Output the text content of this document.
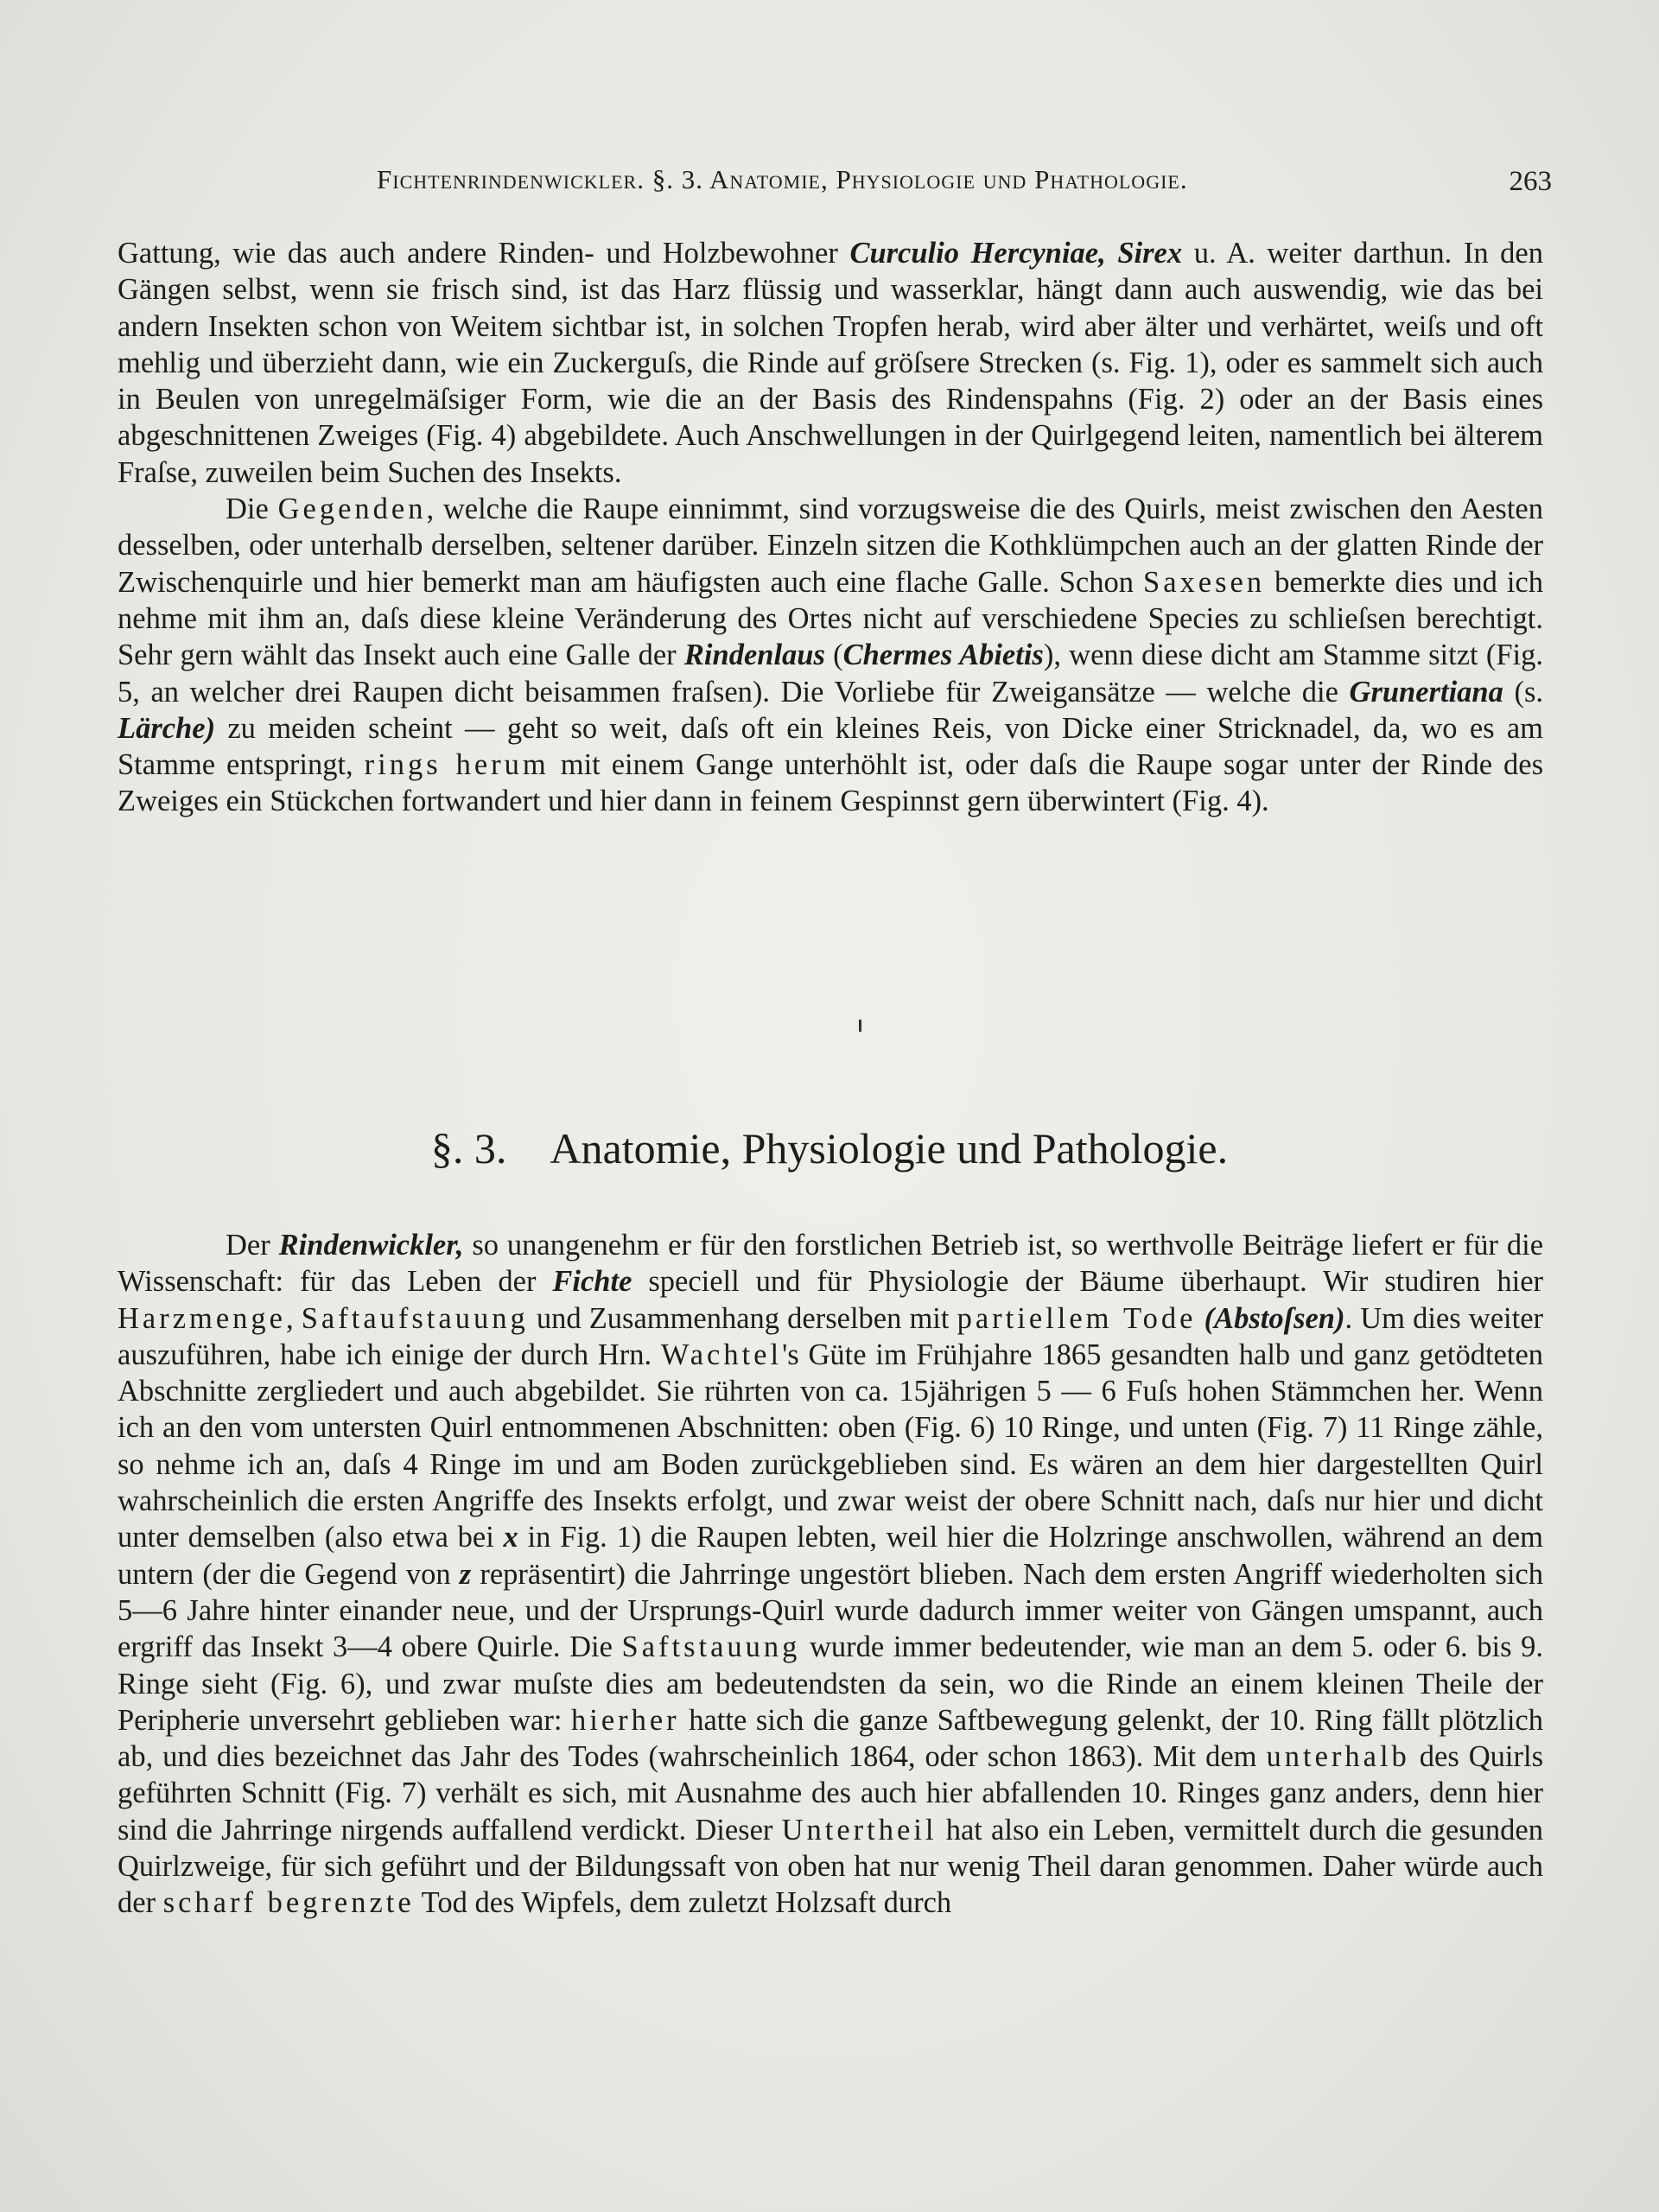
Fichtenrindenwickler. §. 3. Anatomie, Physiologie und Phathologie.	263

Gattung, wie das auch andere Rinden- und Holzbewohner Curculio Hercyniae, Sirex u. A. weiter darthun. In den Gängen selbst, wenn sie frisch sind, ist das Harz flüssig und wasserklar, hängt dann auch auswendig, wie das bei andern Insekten schon von Weitem sichtbar ist, in solchen Tropfen herab, wird aber älter und verhärtet, weiſs und oft mehlig und überzieht dann, wie ein Zuckerguſs, die Rinde auf gröſsere Strecken (s. Fig. 1), oder es sammelt sich auch in Beulen von unregelmäſsiger Form, wie die an der Basis des Rindenspahns (Fig. 2) oder an der Basis eines abgeschnittenen Zweiges (Fig. 4) abgebildete. Auch Anschwellungen in der Quirlgegend leiten, namentlich bei älterem Fraſse, zuweilen beim Suchen des Insekts.

Die Gegenden, welche die Raupe einnimmt, sind vorzugsweise die des Quirls, meist zwischen den Aesten desselben, oder unterhalb derselben, seltener darüber. Einzeln sitzen die Kothklümpchen auch an der glatten Rinde der Zwischenquirle und hier bemerkt man am häufigsten auch eine flache Galle. Schon Saxesen bemerkte dies und ich nehme mit ihm an, daſs diese kleine Veränderung des Ortes nicht auf verschiedene Species zu schlieſsen berechtigt. Sehr gern wählt das Insekt auch eine Galle der Rindenlaus (Chermes Abietis), wenn diese dicht am Stamme sitzt (Fig. 5, an welcher drei Raupen dicht beisammen fraſsen). Die Vorliebe für Zweigansätze — welche die Grunertiana (s. Lärche) zu meiden scheint — geht so weit, daſs oft ein kleines Reis, von Dicke einer Stricknadel, da, wo es am Stamme entspringt, rings herum mit einem Gange unterhöhlt ist, oder daſs die Raupe sogar unter der Rinde des Zweiges ein Stückchen fortwandert und hier dann in feinem Gespinnst gern überwintert (Fig. 4).

§. 3. Anatomie, Physiologie und Pathologie.

Der Rindenwickler, so unangenehm er für den forstlichen Betrieb ist, so werthvolle Beiträge liefert er für die Wissenschaft: für das Leben der Fichte speciell und für Physiologie der Bäume überhaupt. Wir studiren hier Harzmenge, Saftaufstauung und Zusammenhang derselben mit partiellem Tode (Abstoſsen). Um dies weiter auszuführen, habe ich einige der durch Hrn. Wachtel's Güte im Frühjahre 1865 gesandten halb und ganz getödteten Abschnitte zergliedert und auch abgebildet. Sie rührten von ca. 15jährigen 5 — 6 Fuſs hohen Stämmchen her. Wenn ich an den vom untersten Quirl entnommenen Abschnitten: oben (Fig. 6) 10 Ringe, und unten (Fig. 7) 11 Ringe zähle, so nehme ich an, daſs 4 Ringe im und am Boden zurückgeblieben sind. Es wären an dem hier dargestellten Quirl wahrscheinlich die ersten Angriffe des Insekts erfolgt, und zwar weist der obere Schnitt nach, daſs nur hier und dicht unter demselben (also etwa bei x in Fig. 1) die Raupen lebten, weil hier die Holzringe anschwollen, während an dem untern (der die Gegend von z repräsentirt) die Jahrringe ungestört blieben. Nach dem ersten Angriff wiederholten sich 5—6 Jahre hinter einander neue, und der Ursprungs-Quirl wurde dadurch immer weiter von Gängen umspannt, auch ergriff das Insekt 3—4 obere Quirle. Die Saftstauung wurde immer bedeutender, wie man an dem 5. oder 6. bis 9. Ringe sieht (Fig. 6), und zwar muſste dies am bedeutendsten da sein, wo die Rinde an einem kleinen Theile der Peripherie unversehrt geblieben war: hierher hatte sich die ganze Saftbewegung gelenkt, der 10. Ring fällt plötzlich ab, und dies bezeichnet das Jahr des Todes (wahrscheinlich 1864, oder schon 1863). Mit dem unterhalb des Quirls geführten Schnitt (Fig. 7) verhält es sich, mit Ausnahme des auch hier abfallenden 10. Ringes ganz anders, denn hier sind die Jahrringe nirgends auffallend verdickt. Dieser Untertheil hat also ein Leben, vermittelt durch die gesunden Quirlzweige, für sich geführt und der Bildungssaft von oben hat nur wenig Theil daran genommen. Daher würde auch der scharf begrenzte Tod des Wipfels, dem zuletzt Holzsaft durch
